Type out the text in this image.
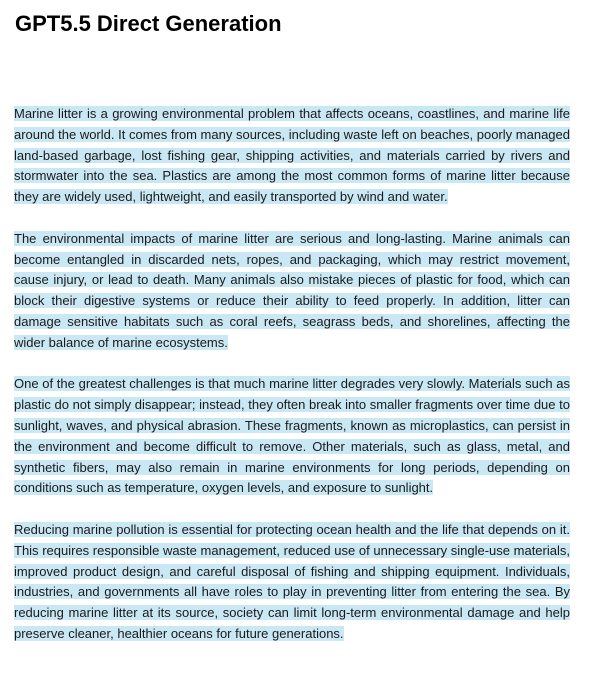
GPT5.5 Direct Generation

Marine litter is a growing environmental problem that affects oceans, coastlines, and marine life around the world. It comes from many sources, including waste left on beaches, poorly managed land-based garbage, lost fishing gear, shipping activities, and materials carried by rivers and stormwater into the sea. Plastics are among the most common forms of marine litter because they are widely used, lightweight, and easily transported by wind and water.

The environmental impacts of marine litter are serious and long-lasting. Marine animals can become entangled in discarded nets, ropes, and packaging, which may restrict movement, cause injury, or lead to death. Many animals also mistake pieces of plastic for food, which can block their digestive systems or reduce their ability to feed properly. In addition, litter can damage sensitive habitats such as coral reefs, seagrass beds, and shorelines, affecting the wider balance of marine ecosystems.

One of the greatest challenges is that much marine litter degrades very slowly. Materials such as plastic do not simply disappear; instead, they often break into smaller fragments over time due to sunlight, waves, and physical abrasion. These fragments, known as microplastics, can persist in the environment and become difficult to remove. Other materials, such as glass, metal, and synthetic fibers, may also remain in marine environments for long periods, depending on conditions such as temperature, oxygen levels, and exposure to sunlight.

Reducing marine pollution is essential for protecting ocean health and the life that depends on it. This requires responsible waste management, reduced use of unnecessary single-use materials, improved product design, and careful disposal of fishing and shipping equipment. Individuals, industries, and governments all have roles to play in preventing litter from entering the sea. By reducing marine litter at its source, society can limit long-term environmental damage and help preserve cleaner, healthier oceans for future generations.
